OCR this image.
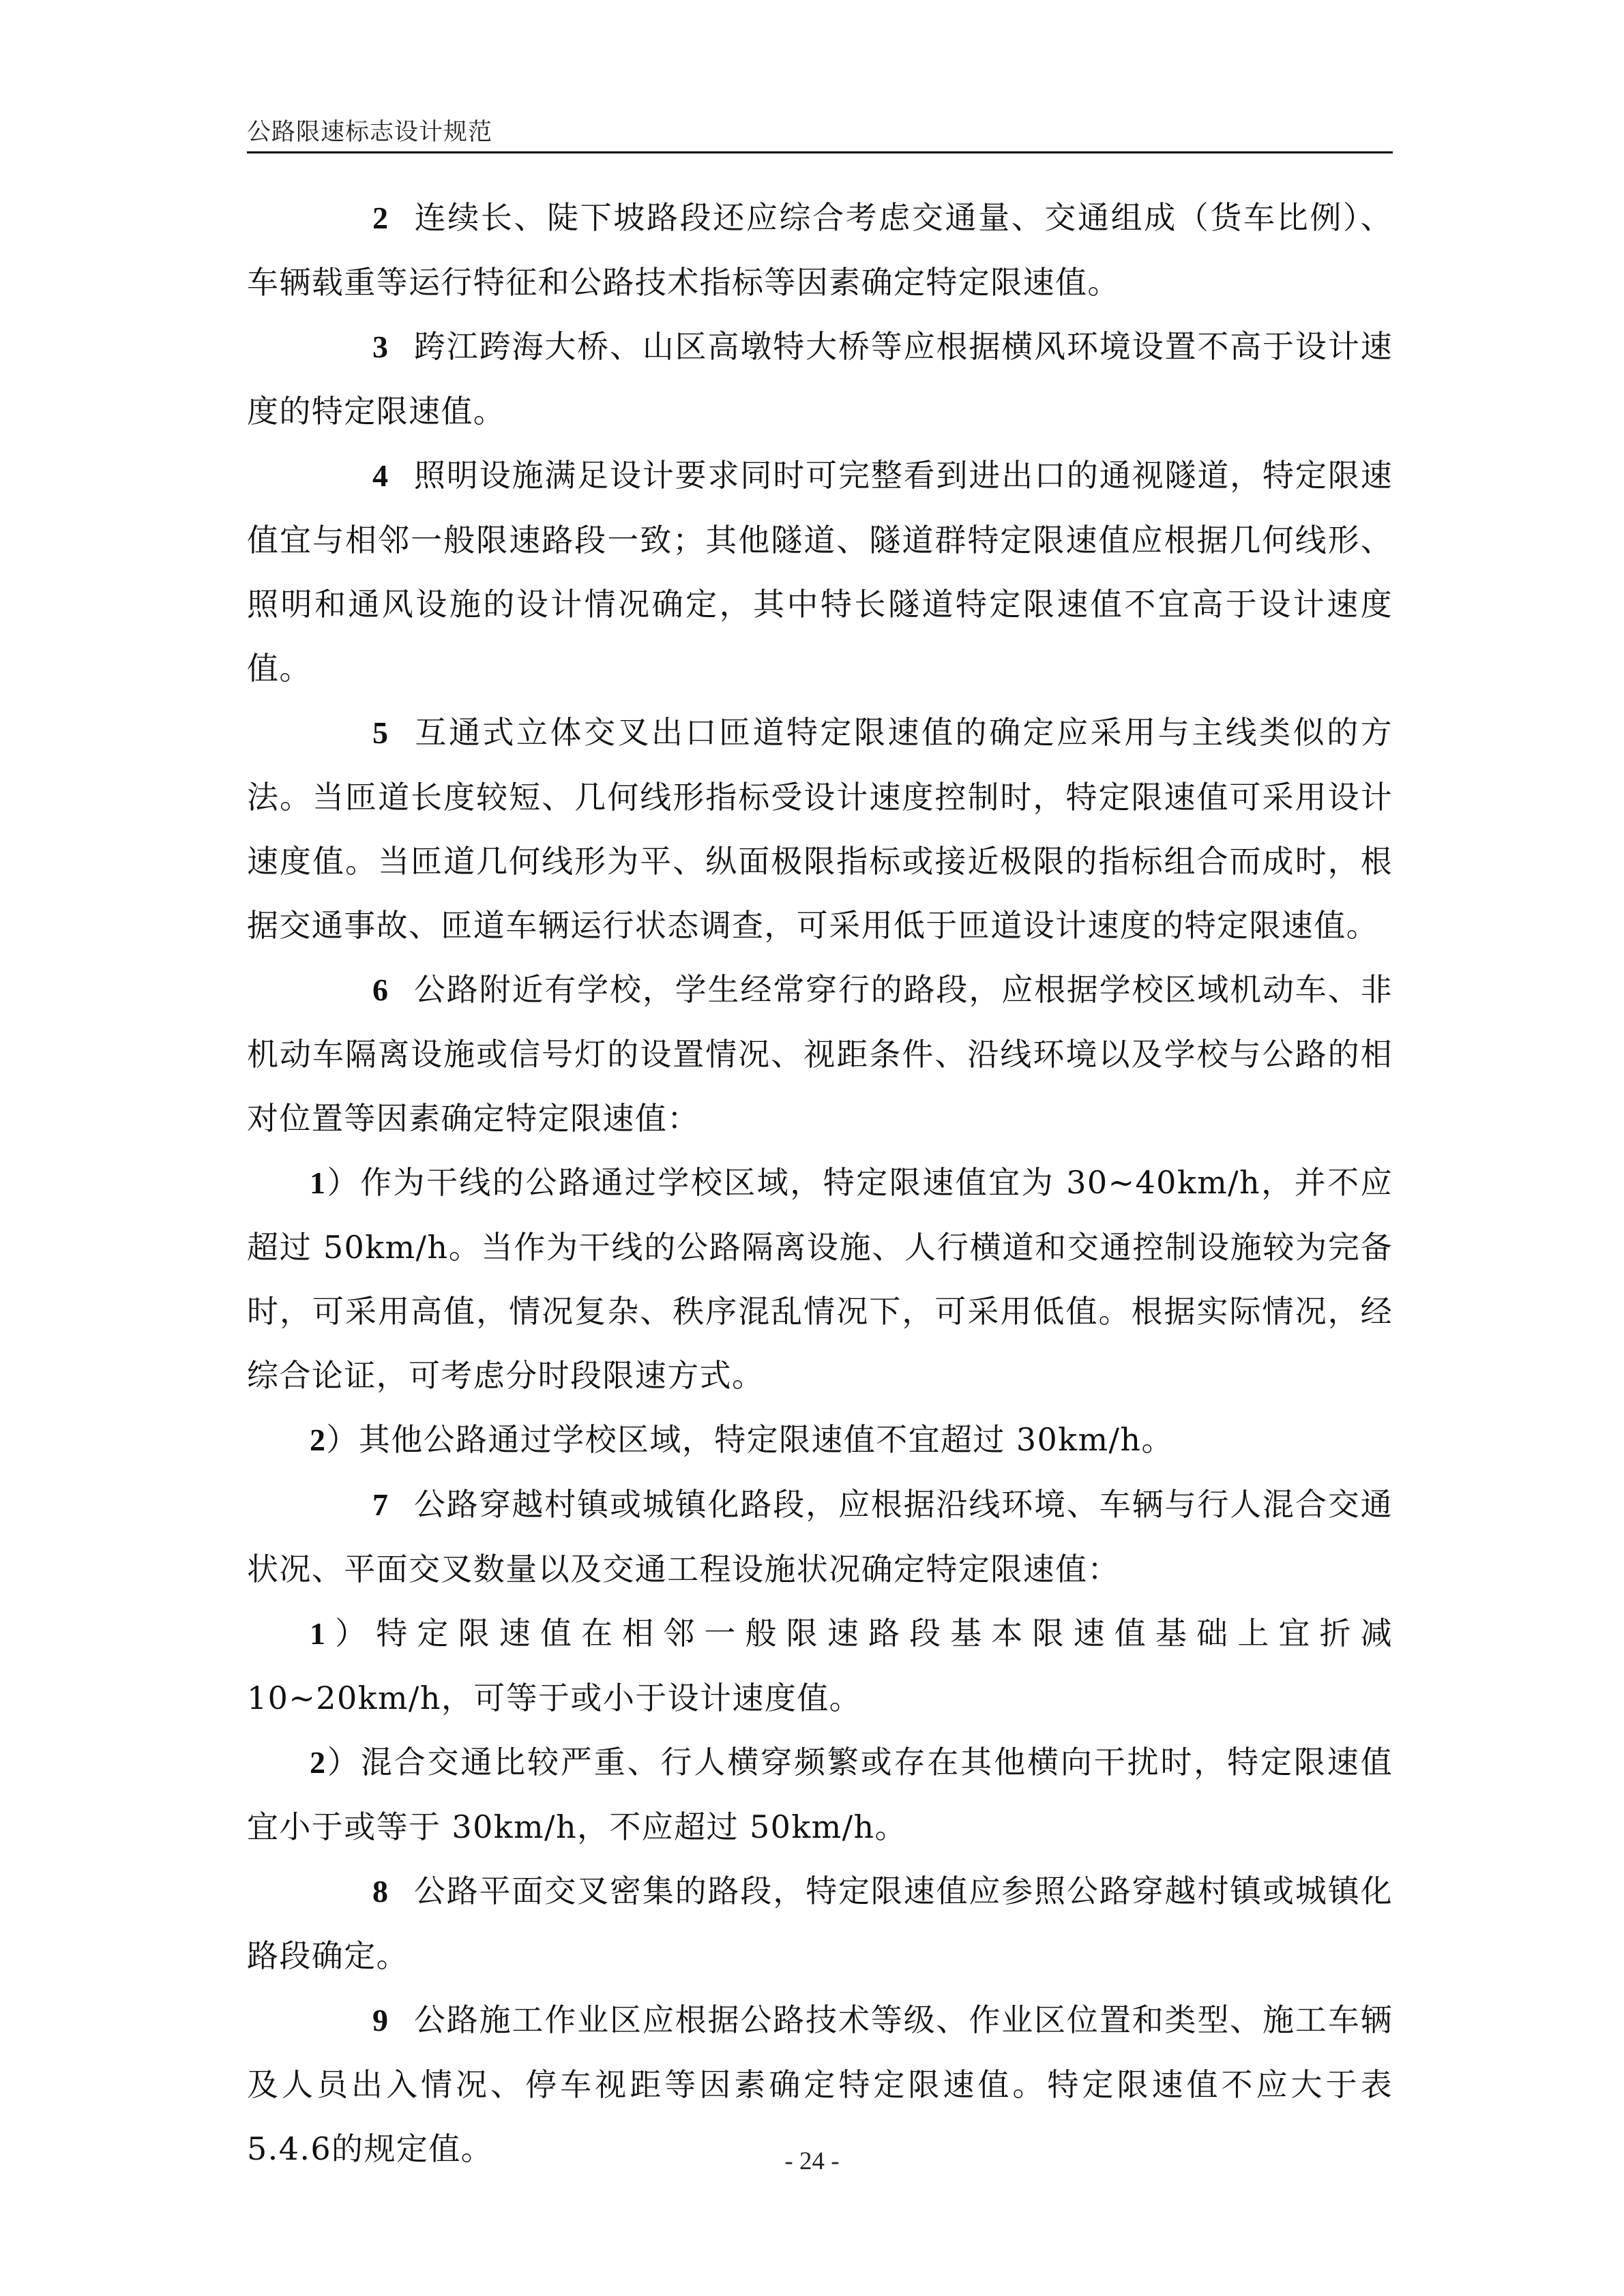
公路限速标志设计规范

2 连续长、陡下坡路段还应综合考虑交通量、交通组成（货车比例）、车辆载重等运行特征和公路技术指标等因素确定特定限速值。

3 跨江跨海大桥、山区高墩特大桥等应根据横风环境设置不高于设计速度的特定限速值。

4 照明设施满足设计要求同时可完整看到进出口的通视隧道，特定限速值宜与相邻一般限速路段一致；其他隧道、隧道群特定限速值应根据几何线形、照明和通风设施的设计情况确定，其中特长隧道特定限速值不宜高于设计速度值。

5 互通式立体交叉出口匝道特定限速值的确定应采用与主线类似的方法。当匝道长度较短、几何线形指标受设计速度控制时，特定限速值可采用设计速度值。当匝道几何线形为平、纵面极限指标或接近极限的指标组合而成时，根据交通事故、匝道车辆运行状态调查，可采用低于匝道设计速度的特定限速值。

6 公路附近有学校，学生经常穿行的路段，应根据学校区域机动车、非机动车隔离设施或信号灯的设置情况、视距条件、沿线环境以及学校与公路的相对位置等因素确定特定限速值：

1）作为干线的公路通过学校区域，特定限速值宜为 30~40km/h，并不应超过 50km/h。当作为干线的公路隔离设施、人行横道和交通控制设施较为完备时，可采用高值，情况复杂、秩序混乱情况下，可采用低值。根据实际情况，经综合论证，可考虑分时段限速方式。

2）其他公路通过学校区域，特定限速值不宜超过 30km/h。

7 公路穿越村镇或城镇化路段，应根据沿线环境、车辆与行人混合交通状况、平面交叉数量以及交通工程设施状况确定特定限速值：

1）特定限速值在相邻一般限速路段基本限速值基础上宜折减 10~20km/h，可等于或小于设计速度值。

2）混合交通比较严重、行人横穿频繁或存在其他横向干扰时，特定限速值宜小于或等于 30km/h，不应超过 50km/h。

8 公路平面交叉密集的路段，特定限速值应参照公路穿越村镇或城镇化路段确定。

9 公路施工作业区应根据公路技术等级、作业区位置和类型、施工车辆及人员出入情况、停车视距等因素确定特定限速值。特定限速值不应大于表 5.4.6的规定值。	- 24 -
